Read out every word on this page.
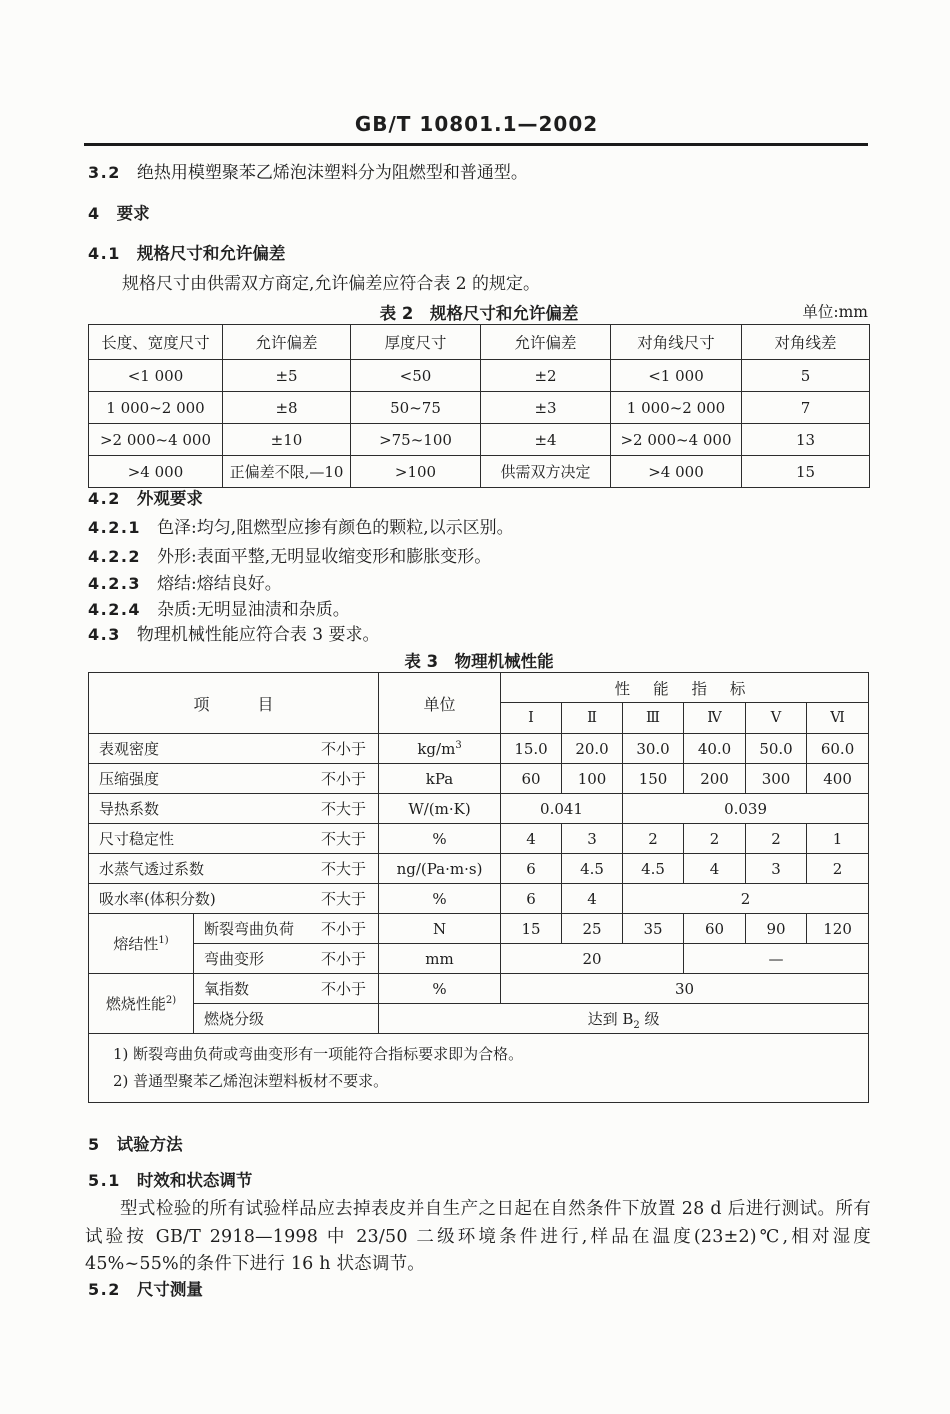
GB/T 10801.1—2002
3.2 绝热用模塑聚苯乙烯泡沫塑料分为阻燃型和普通型。
4 要求
4.1 规格尺寸和允许偏差
规格尺寸由供需双方商定,允许偏差应符合表 2 的规定。
表 2　规格尺寸和允许偏差	单位:mm
长度、宽度尺寸	允许偏差	厚度尺寸	允许偏差	对角线尺寸	对角线差
<1 000	±5	<50	±2	<1 000	5
1 000~2 000	±8	50~75	±3	1 000~2 000	7
>2 000~4 000	±10	>75~100	±4	>2 000~4 000	13
>4 000	正偏差不限,—10	>100	供需双方决定	>4 000	15
4.2 外观要求
4.2.1 色泽:均匀,阻燃型应掺有颜色的颗粒,以示区别。
4.2.2 外形:表面平整,无明显收缩变形和膨胀变形。
4.2.3 熔结:熔结良好。
4.2.4 杂质:无明显油渍和杂质。
4.3 物理机械性能应符合表 3 要求。
表 3　物理机械性能
项　　　目		单位	性 能 指 标					
			Ⅰ	Ⅱ	Ⅲ	Ⅳ	Ⅴ	Ⅵ

表观密度 不小于		$kg/m^3$	15.0	20.0	30.0	40.0	50.0	60.0

压缩强度 不小于		kPa	60	100	150	200	300	400

导热系数 不大于		W/(m·K)	0.041		0.039			

尺寸稳定性 不大于		%	4	3	2	2	2	1

水蒸气透过系数 不大于		ng/(Pa·m·s)	6	4.5	4.5	4	3	2

吸水率(体积分数) 不大于		%	6	4	2			
熔结性$^{1)}$	断裂弯曲负荷 不小于	N	15	25	35	60	90	120

	弯曲变形 不小于	mm	20			—		
燃烧性能$^{2)}$	氧指数 不小于	%	30					

	燃烧分级	达到 $B_2$ 级						

1) 断裂弯曲负荷或弯曲变形有一项能符合指标要求即为合格。
2) 普通型聚苯乙烯泡沫塑料板材不要求。								
5 试验方法
5.1 时效和状态调节
型式检验的所有试验样品应去掉表皮并自生产之日起在自然条件下放置 28 d 后进行测试。所有试验按 GB/T 2918—1998 中 23/50 二级环境条件进行,样品在温度(23±2)℃,相对湿度 45%~55%的条件下进行 16 h 状态调节。
5.2 尺寸测量
